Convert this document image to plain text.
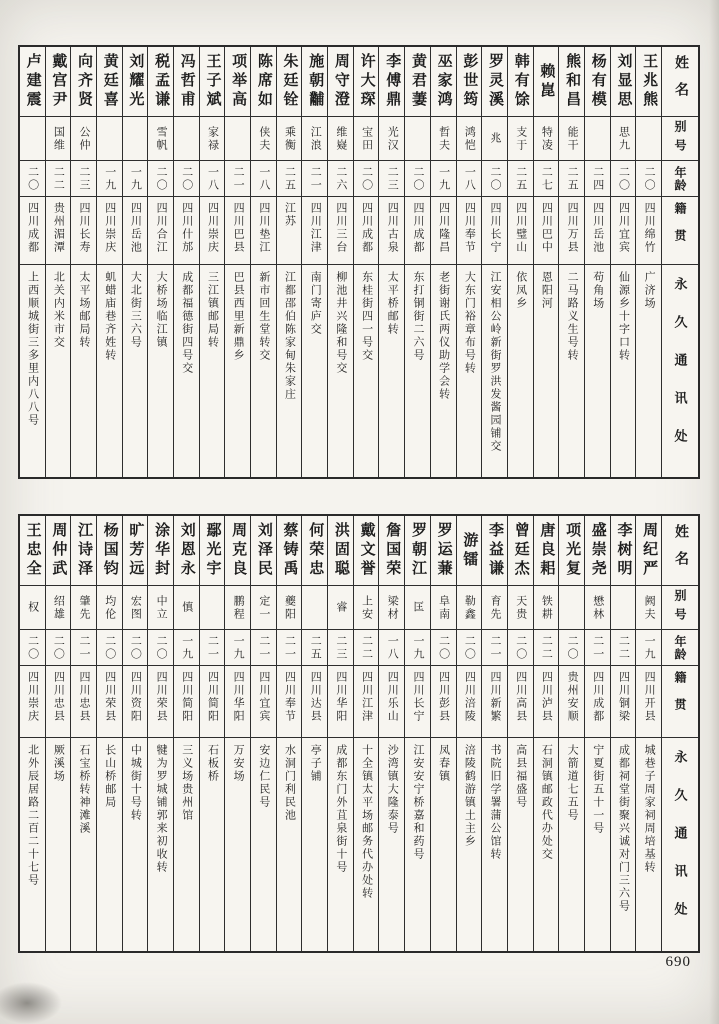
姓名
别号
年龄
籍贯
永久通讯处
王兆熊
二〇
四川绵竹
广济场
刘显思
思九
二〇
四川宜宾
仙源乡十字口转
杨有模
二四
四川岳池
苟角场
熊和昌
能干
二五
四川万县
二马路义生号转
赖崑
特凌
二七
四川巴中
恩阳河
韩有馀
支于
二五
四川璧山
依凤乡
罗灵溪
兆
二〇
四川长宁
江安相公岭新街罗洪发酱园铺交
彭世筠
鸿恺
一八
四川奉节
大东门裕章布号转
巫家鸿
哲夫
一九
四川隆昌
老街谢氏两仪助学会转
黄君萋
二〇
四川成都
东打铜街二六号
李傅鼎
光汉
二三
四川古泉
太平桥邮转
许大琛
宝田
二〇
四川成都
东桂街四一号交
周守澄
维嶷
二六
四川三台
柳池井兴隆和号交
施朝黼
江浪
二一
四川江津
南门寄庐交
朱廷铨
乘衡
二五
江苏
江都邵伯陈家甸朱家庄
陈席如
侠夫
一八
四川垫江
新市回生堂转交
项举高
二一
四川巴县
巴县西里新鼎乡
王子斌
家禄
一八
四川崇庆
三江镇邮局转
冯哲甫
二〇
四川什邡
成都福德街四号交
税孟谦
雪帆
二〇
四川合江
大桥场临江镇
刘耀光
一九
四川岳池
大北街三六号
黄廷喜
一九
四川崇庆
虮蜡庙巷齐姓转
向齐贤
公仲
二三
四川长寿
太平场邮局转
戴宫尹
国维
二二
贵州湄潭
北关内米市交
卢建震
二〇
四川成都
上西顺城街三多里内八八号
姓名
别号
年龄
籍贯
永久通讯处
周纪严
阙夫
一九
四川开县
城巷子周家祠周培基转
李树明
二二
四川铜梁
成都祠堂街聚兴诚对门三六号
盛崇尧
懋林
二一
四川成都
宁夏街五十一号
项光复
二〇
贵州安顺
大箭道七五号
唐良耜
铁耕
二二
四川泸县
石洞镇邮政代办处交
曾廷杰
天贵
二〇
四川高县
高县福盛号
李益谦
育先
二一
四川新繁
书院旧学署蒲公馆转
游镭
勒鑫
二〇
四川涪陵
涪陵鹤游镇土主乡
罗运蒹
阜南
二〇
四川彭县
凤春镇
罗朝江
匡
一九
四川长宁
江安安宁桥嘉和药号
詹国荣
梁材
一八
四川乐山
沙湾镇大隆泰号
戴文誉
上安
二二
四川江津
十全镇太平场邮务代办处转
洪固聪
睿
二三
四川华阳
成都东门外苴泉街十号
何荣忠
二五
四川达县
亭子铺
蔡铸禹
夔阳
二一
四川奉节
水洞门利民池
刘泽民
定一
二一
四川宜宾
安边仁民号
周克良
鹏程
一九
四川华阳
万安场
鄢光宇
二一
四川简阳
石板桥
刘恩永
慎
一九
四川简阳
三义场贵州馆
涂华封
中立
二〇
四川荣县
犍为罗城铺郭来初收转
旷芳远
宏图
二〇
四川资阳
中城街十号转
杨国钧
均伦
二〇
四川荣县
长山桥邮局
江诗泽
肇先
二一
四川忠县
石宝桥转神滩溪
周仲武
绍雄
二〇
四川忠县
厥溪场
王忠全
权
二〇
四川崇庆
北外辰居路二百二十七号
690
